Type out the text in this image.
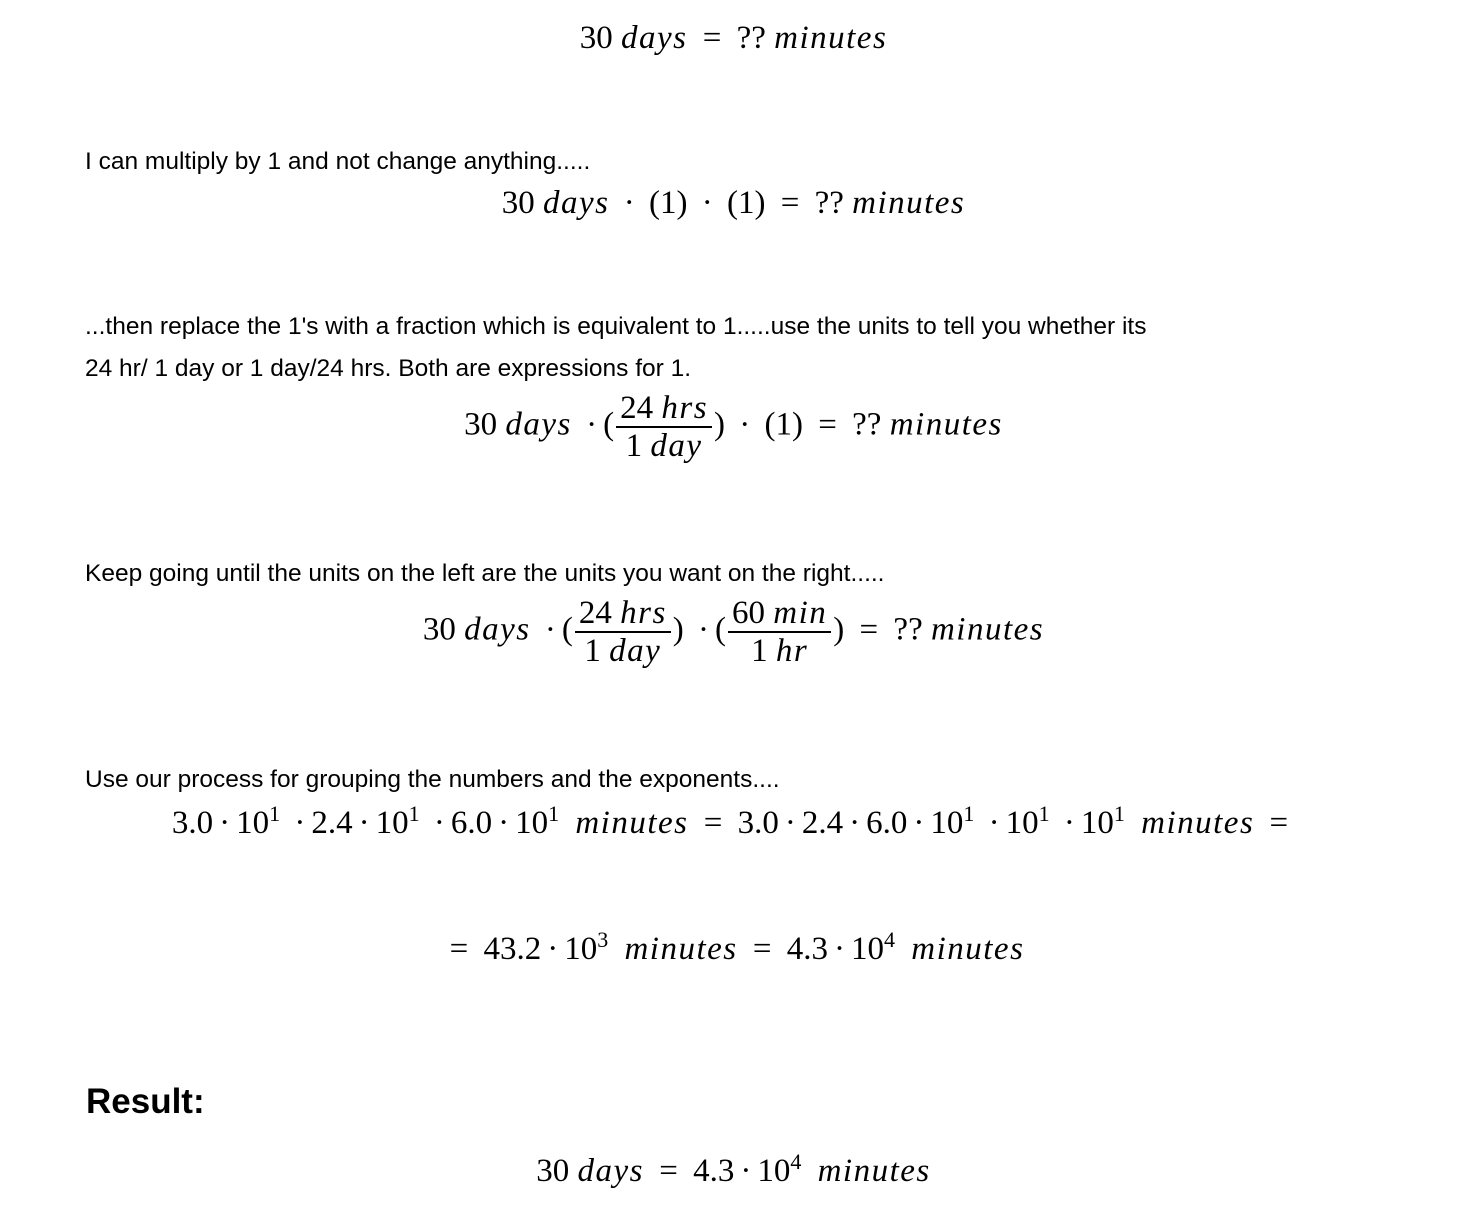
30 days = ?? minutes
I can multiply by 1 and not change anything.....
30 days · (1) · (1) = ?? minutes
...then replace the 1's with a fraction which is equivalent to 1.....use the units to tell you whether its
24 hr/ 1 day or 1 day/24 hrs. Both are expressions for 1.
30 days · ( $\frac{\text{24 hrs}}{\text{1 day}}$ ) · (1) = ?? minutes
Keep going until the units on the left are the units you want on the right.....
30 days · ( $\frac{\text{24 hrs}}{\text{1 day}}$ ) · ( $\frac{60 \min}{1 hr}$ ) = ?? minutes
Use our process for grouping the numbers and the exponents....
$3.0 \cdot 10^1 \cdot 2.4 \cdot 10^1 \cdot 6.0 \cdot 10^1$ minutes = $3.0 \cdot 2.4 \cdot 6.0 \cdot 10^1 \cdot 10^1 \cdot 10^1$ minutes =
= $43.2 \cdot 10^3$ minutes = $4.3 \cdot 10^4$ minutes
Result:
30 days = $4.3 \cdot 10^4$ minutes
